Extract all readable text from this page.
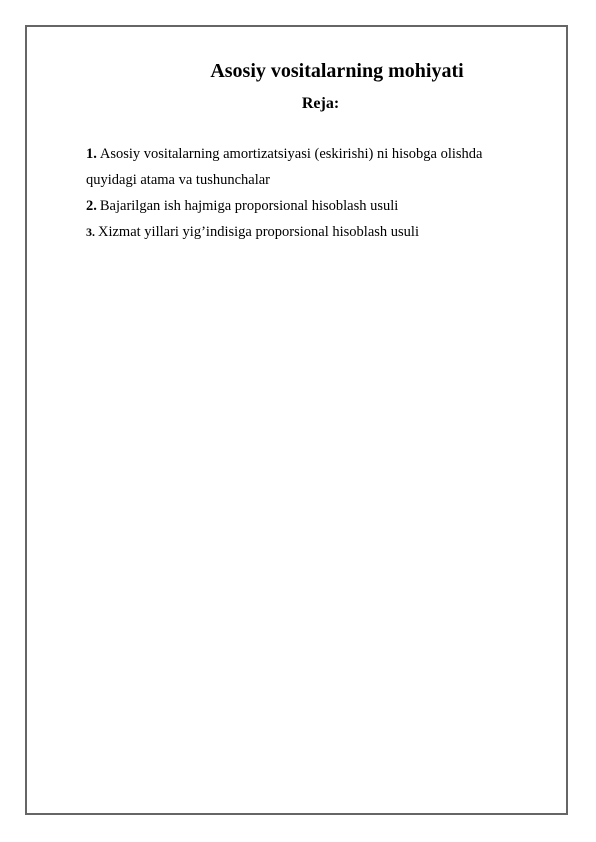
Asosiy vositalarning mohiyati
Reja:
1. Asosiy vositalarning amortizatsiyasi (eskirishi) ni hisobga olishda quyidagi atama va tushunchalar
2. Bajarilgan ish hajmiga proporsional hisoblash usuli
3. Xizmat yillari yig’indisiga proporsional hisoblash usuli
